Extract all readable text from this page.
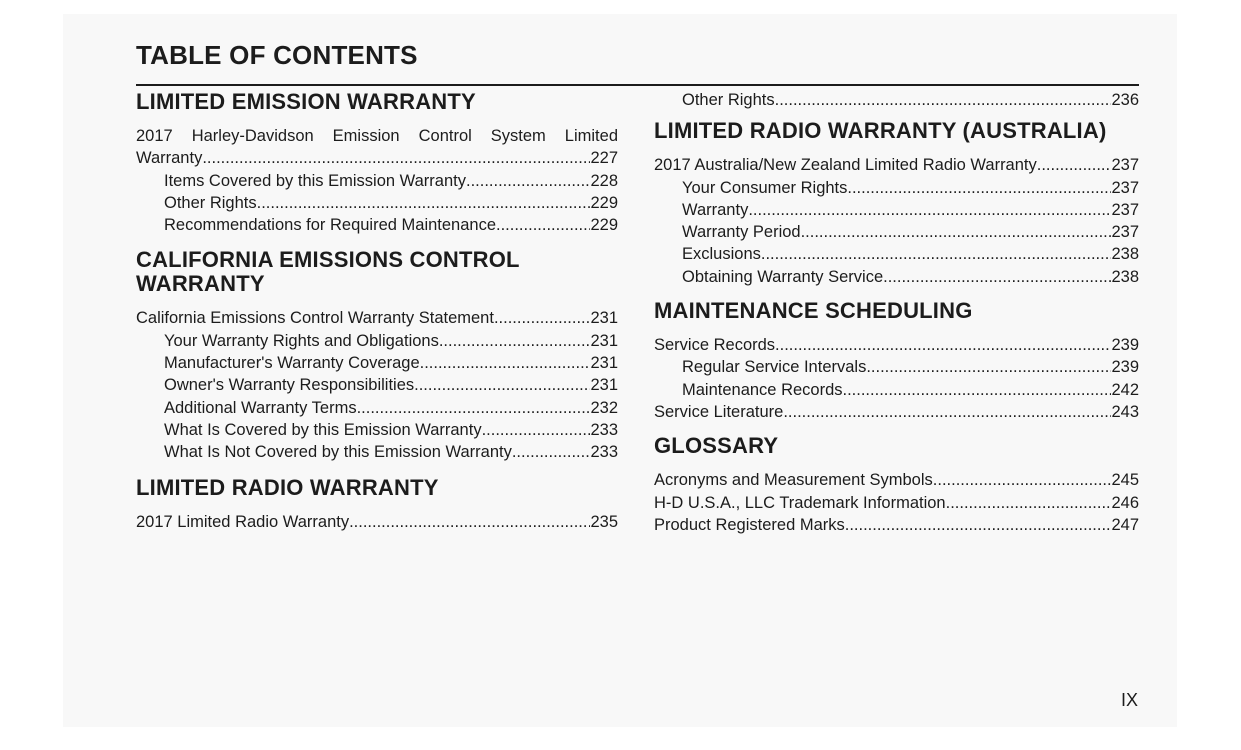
TABLE OF CONTENTS
LIMITED EMISSION WARRANTY
2017 Harley-Davidson Emission Control System Limited
Warranty .....	227
Items Covered by this Emission Warranty .....	228
Other Rights .....	229
Recommendations for Required Maintenance .....	229
CALIFORNIA EMISSIONS CONTROL
WARRANTY
California Emissions Control Warranty Statement .....	231
Your Warranty Rights and Obligations .....	231
Manufacturer's Warranty Coverage .....	231
Owner's Warranty Responsibilities .....	231
Additional Warranty Terms .....	232
What Is Covered by this Emission Warranty .....	233
What Is Not Covered by this Emission Warranty .....	233
LIMITED RADIO WARRANTY
2017 Limited Radio Warranty .....	235
Other Rights .....	236
LIMITED RADIO WARRANTY (AUSTRALIA)
2017 Australia/New Zealand Limited Radio Warranty .....	237
Your Consumer Rights .....	237
Warranty .....	237
Warranty Period .....	237
Exclusions .....	238
Obtaining Warranty Service .....	238
MAINTENANCE SCHEDULING
Service Records .....	239
Regular Service Intervals .....	239
Maintenance Records .....	242
Service Literature .....	243
GLOSSARY
Acronyms and Measurement Symbols .....	245
H-D U.S.A., LLC Trademark Information .....	246
Product Registered Marks .....	247
IX
